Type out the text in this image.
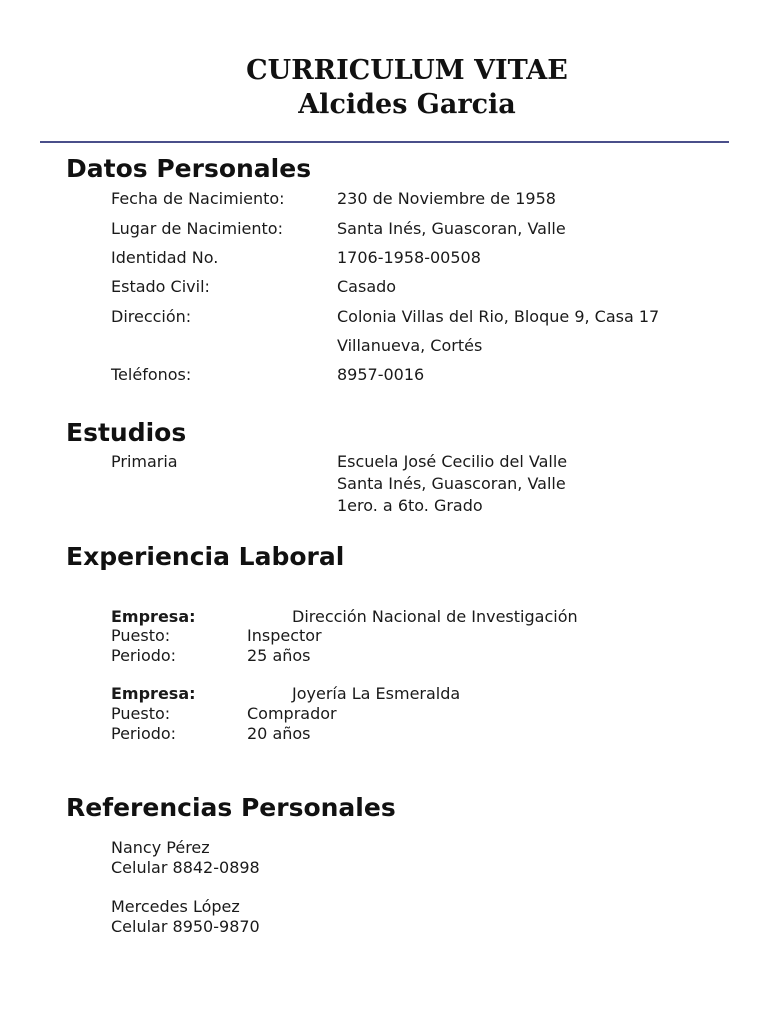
CURRICULUM VITAE
Alcides Garcia
Datos Personales
Fecha de Nacimiento:	230 de Noviembre de 1958
Lugar de Nacimiento:	Santa Inés, Guascoran, Valle
Identidad No.	1706-1958-00508
Estado Civil:	Casado
Dirección:	Colonia Villas del Rio, Bloque 9, Casa 17
Villanueva, Cortés
Teléfonos:	8957-0016
Estudios
Primaria	Escuela José Cecilio del Valle
Santa Inés, Guascoran, Valle
1ero. a 6to. Grado
Experiencia Laboral
Empresa:	Dirección Nacional de Investigación
Puesto:	Inspector
Periodo:	25 años
Empresa:	Joyería La Esmeralda
Puesto:	Comprador
Periodo:	20 años
Referencias Personales
Nancy Pérez
Celular 8842-0898
Mercedes López
Celular 8950-9870
